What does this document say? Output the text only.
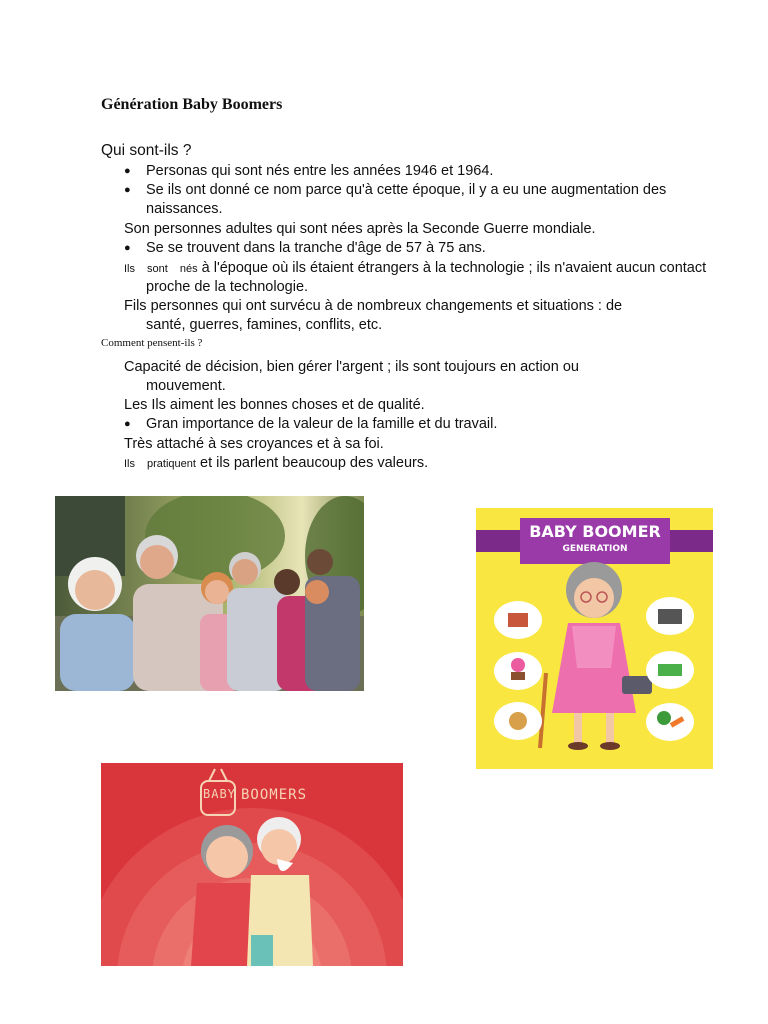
Génération Baby Boomers
Qui sont-ils ?
● Personas qui sont nés entre les années 1946 et 1964.
● Se ils ont donné ce nom parce qu'à cette époque, il y a eu une augmentation des
naissances.
Son personnes adultes qui sont nées après la Seconde Guerre mondiale.
● Se se trouvent dans la tranche d'âge de 57 à 75 ans.
Ils sont nés à l'époque où ils étaient étrangers à la technologie ; ils n'avaient aucun contact
proche de la technologie.
Fils personnes qui ont survécu à de nombreux changements et situations : de
santé, guerres, famines, conflits, etc.
Comment pensent-ils ?
Capacité de décision, bien gérer l'argent ; ils sont toujours en action ou
mouvement.
Les Ils aiment les bonnes choses et de qualité.
● Gran importance de la valeur de la famille et du travail.
Très attaché à ses croyances et à sa foi.
Ils pratiquent et ils parlent beaucoup des valeurs.
BABY BOOMER
GENERATION
BABY BOOMERS
